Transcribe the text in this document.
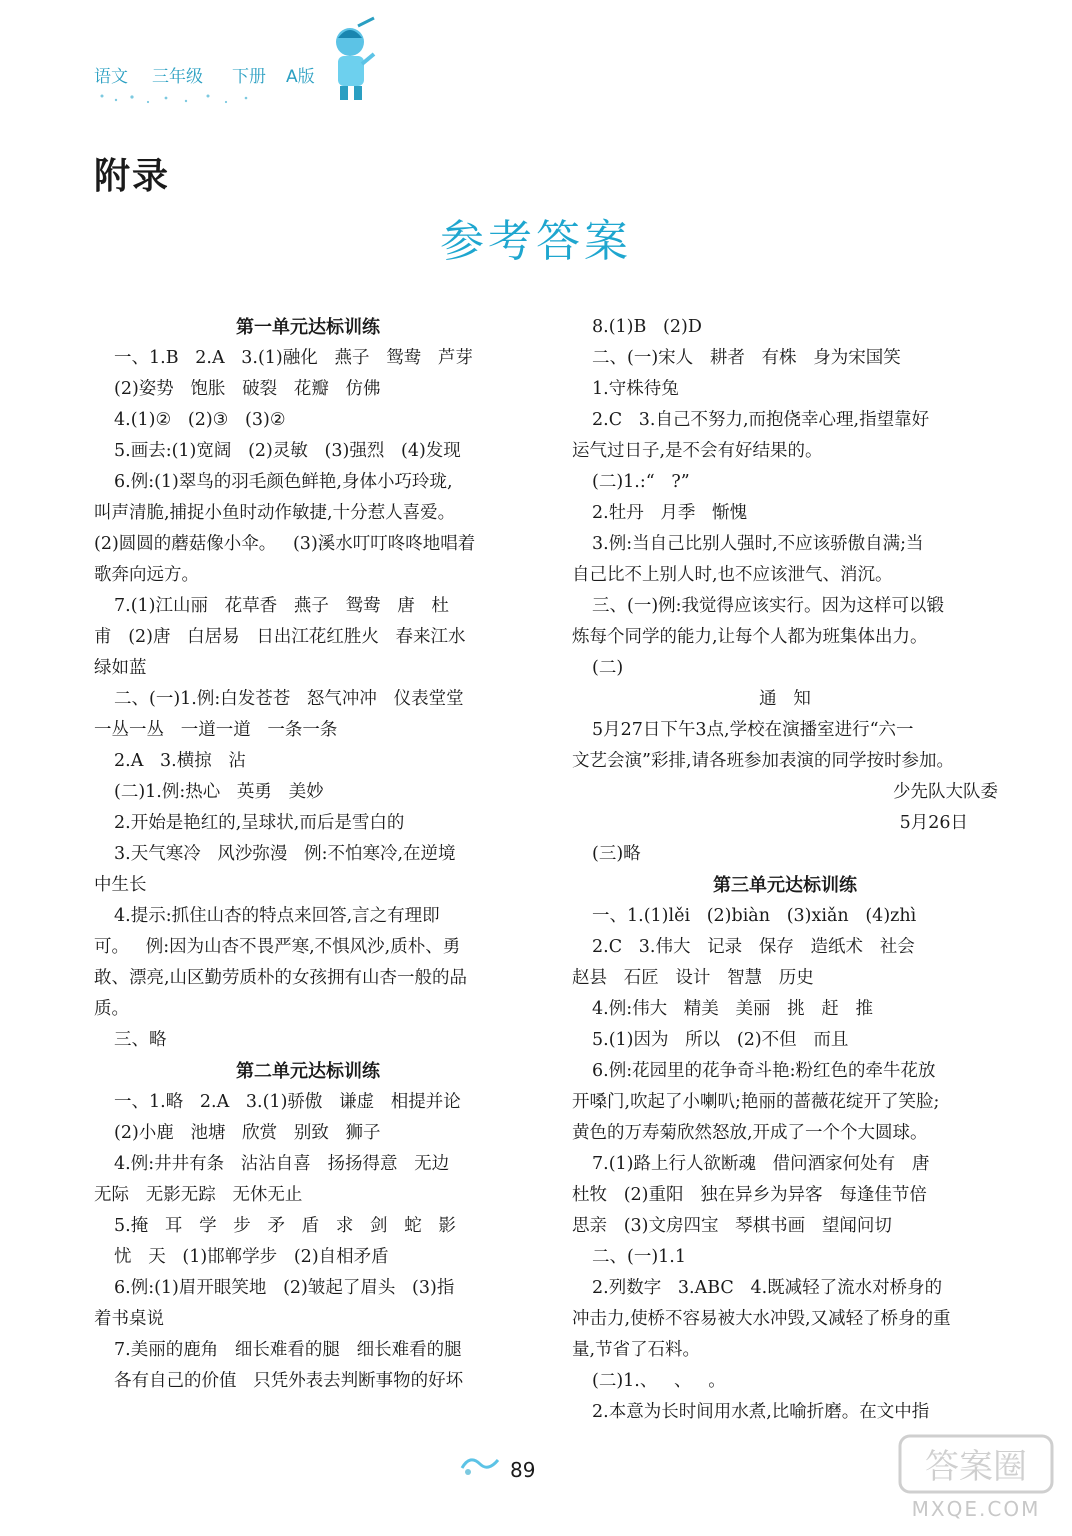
语文 三年级 下册 A版
附录
参考答案
第一单元达标训练
一、1.B   2.A   3.(1)融化   燕子   鸳鸯   芦芽
(2)姿势   饱胀   破裂   花瓣   仿佛
4.(1)②   (2)③   (3)②
5.画去:(1)宽阔   (2)灵敏   (3)强烈   (4)发现
6.例:(1)翠鸟的羽毛颜色鲜艳,身体小巧玲珑,
叫声清脆,捕捉小鱼时动作敏捷,十分惹人喜爱。
(2)圆圆的蘑菇像小伞。   (3)溪水叮叮咚咚地唱着
歌奔向远方。
7.(1)江山丽   花草香   燕子   鸳鸯   唐   杜
甫   (2)唐   白居易   日出江花红胜火   春来江水
绿如蓝
二、(一)1.例:白发苍苍   怒气冲冲   仪表堂堂
一丛一丛   一道一道   一条一条
2.A   3.横掠   沾
(二)1.例:热心   英勇   美妙
2.开始是艳红的,呈球状,而后是雪白的
3.天气寒冷   风沙弥漫   例:不怕寒冷,在逆境
中生长
4.提示:抓住山杏的特点来回答,言之有理即
可。   例:因为山杏不畏严寒,不惧风沙,质朴、勇
敢、漂亮,山区勤劳质朴的女孩拥有山杏一般的品
质。
三、略
第二单元达标训练
一、1.略   2.A   3.(1)骄傲   谦虚   相提并论
(2)小鹿   池塘   欣赏   别致   狮子
4.例:井井有条   沾沾自喜   扬扬得意   无边
无际   无影无踪   无休无止
5.掩   耳   学   步   矛   盾   求   剑   蛇   影
忧   天   (1)邯郸学步   (2)自相矛盾
6.例:(1)眉开眼笑地   (2)皱起了眉头   (3)指
着书桌说
7.美丽的鹿角   细长难看的腿   细长难看的腿
各有自己的价值   只凭外表去判断事物的好坏
8.(1)B   (2)D
二、(一)宋人   耕者   有株   身为宋国笑
1.守株待兔
2.C   3.自己不努力,而抱侥幸心理,指望靠好
运气过日子,是不会有好结果的。
(二)1.:“   ?”
2.牡丹   月季   惭愧
3.例:当自己比别人强时,不应该骄傲自满;当
自己比不上别人时,也不应该泄气、消沉。
三、(一)例:我觉得应该实行。因为这样可以锻
炼每个同学的能力,让每个人都为班集体出力。
(二)
通   知
5月27日下午3点,学校在演播室进行“六一
文艺会演”彩排,请各班参加表演的同学按时参加。
少先队大队委
5月26日
(三)略
第三单元达标训练
一、1.(1)lěi   (2)biàn   (3)xiǎn   (4)zhì
2.C   3.伟大   记录   保存   造纸术   社会
赵县   石匠   设计   智慧   历史
4.例:伟大   精美   美丽   挑   赶   推
5.(1)因为   所以   (2)不但   而且
6.例:花园里的花争奇斗艳:粉红色的牵牛花放
开嗓门,吹起了小喇叭;艳丽的蔷薇花绽开了笑脸;
黄色的万寿菊欣然怒放,开成了一个个大圆球。
7.(1)路上行人欲断魂   借问酒家何处有   唐
杜牧   (2)重阳   独在异乡为异客   每逢佳节倍
思亲   (3)文房四宝   琴棋书画   望闻问切
二、(一)1.1
2.列数字   3.ABC   4.既减轻了流水对桥身的
冲击力,使桥不容易被大水冲毁,又减轻了桥身的重
量,节省了石料。
(二)1.、   、   。
2.本意为长时间用水煮,比喻折磨。在文中指
89	答案圈
MXQE.COM
